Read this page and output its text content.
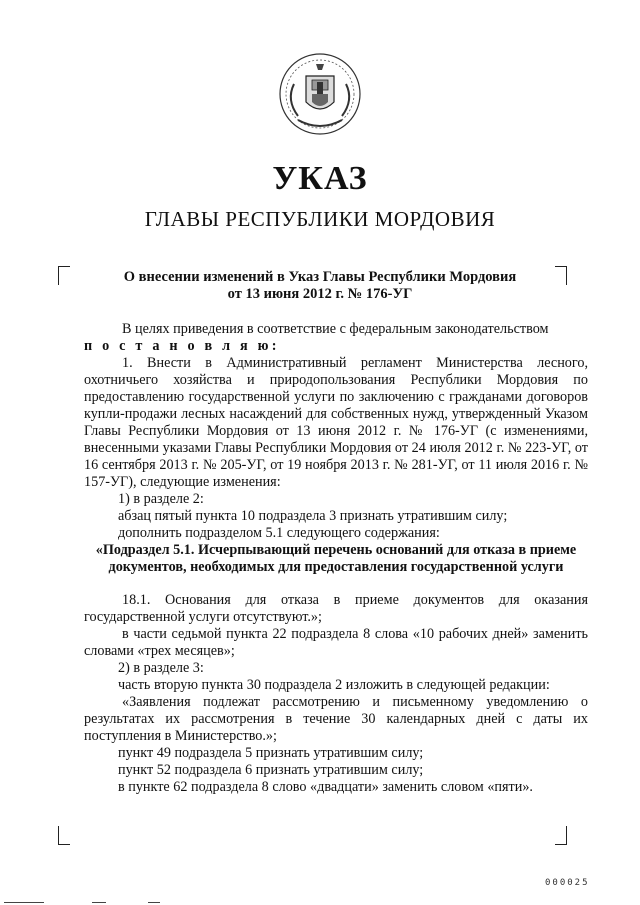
УКАЗ
ГЛАВЫ РЕСПУБЛИКИ МОРДОВИЯ
О внесении изменений в Указ Главы Республики Мордовия
от 13 июня 2012 г. № 176-УГ

В целях приведения в соответствие с федеральным законодательством

п о с т а н о в л я ю:

1. Внести в Административный регламент Министерства лесного, охотничьего хозяйства и природопользования Республики Мордовия по предоставлению государственной услуги по заключению с гражданами договоров купли-продажи лесных насаждений для собственных нужд, утвержденный Указом Главы Республики Мордовия от 13 июня 2012 г. № 176-УГ (с изменениями, внесенными указами Главы Республики Мордовия от 24 июля 2012 г. № 223-УГ, от 16 сентября 2013 г. № 205-УГ, от 19 ноября 2013 г. № 281-УГ, от 11 июля 2016 г. № 157-УГ), следующие изменения:

1) в разделе 2:

абзац пятый пункта 10 подраздела 3 признать утратившим силу;

дополнить подразделом 5.1 следующего содержания:

«Подраздел 5.1. Исчерпывающий перечень оснований для отказа в приеме документов, необходимых для предоставления государственной услуги

18.1. Основания для отказа в приеме документов для оказания государственной услуги отсутствуют.»;

в части седьмой пункта 22 подраздела 8 слова «10 рабочих дней» заменить словами «трех месяцев»;

2) в разделе 3:

часть вторую пункта 30 подраздела 2 изложить в следующей редакции:

«Заявления подлежат рассмотрению и письменному уведомлению о результатах их рассмотрения в течение 30 календарных дней с даты их поступления в Министерство.»;

пункт 49 подраздела 5 признать утратившим силу;

пункт 52 подраздела 6 признать утратившим силу;

в пункте 62 подраздела 8 слово «двадцати» заменить словом «пяти».

000025
